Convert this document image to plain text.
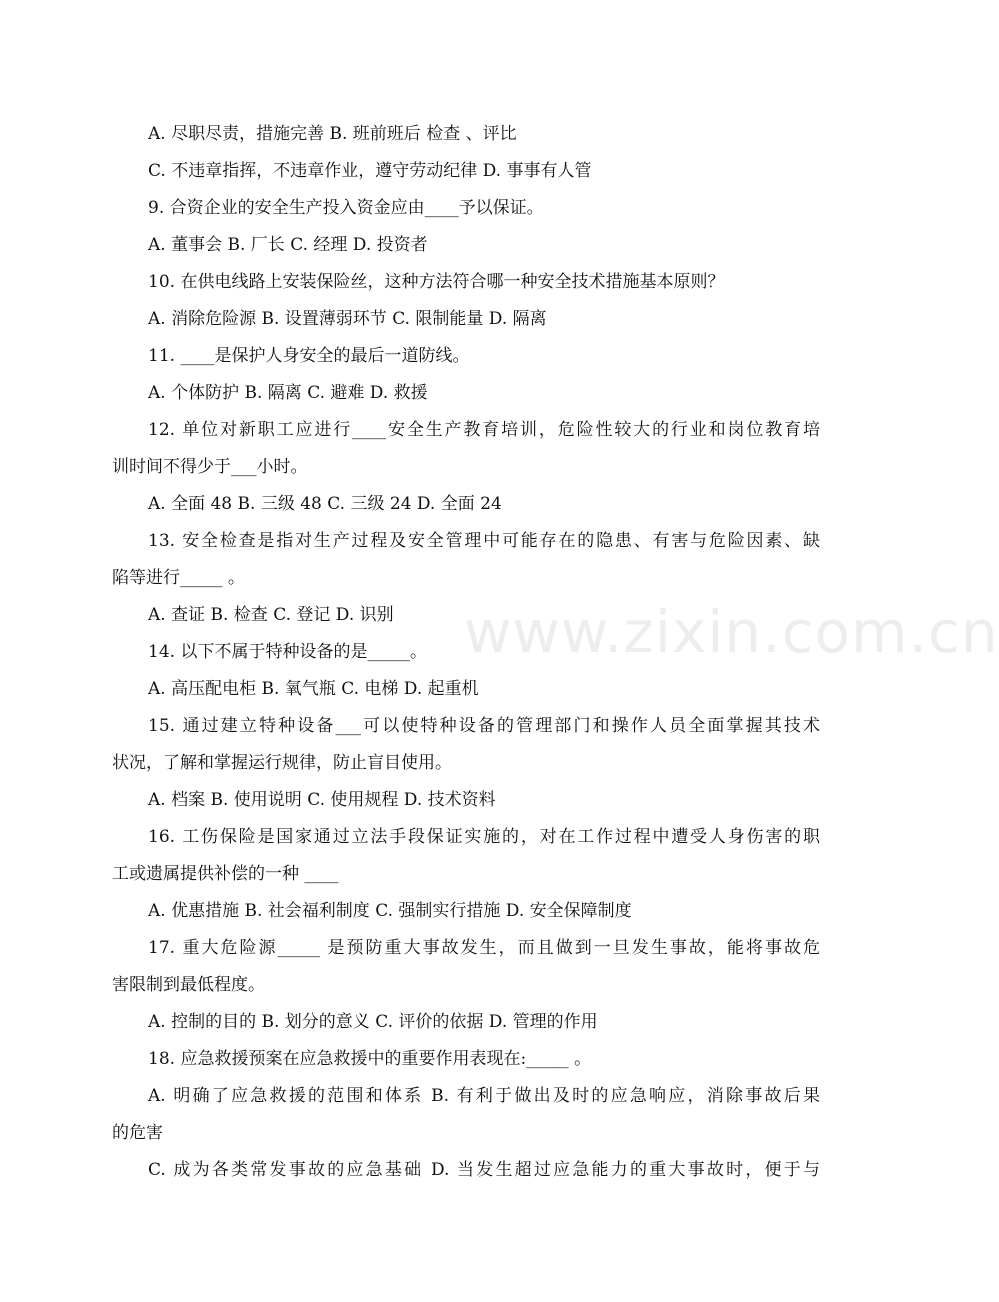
www.zixin.com.cn
A. 尽职尽责，措施完善 B. 班前班后 检查 、评比
C. 不违章指挥，不违章作业，遵守劳动纪律 D. 事事有人管
9. 合资企业的安全生产投入资金应由____予以保证。
A. 董事会 B. 厂长 C. 经理 D. 投资者
10. 在供电线路上安装保险丝，这种方法符合哪一种安全技术措施基本原则？
A. 消除危险源 B. 设置薄弱环节 C. 限制能量 D. 隔离
11. ____是保护人身安全的最后一道防线。
A. 个体防护 B. 隔离 C. 避难 D. 救援
12. 单位对新职工应进行____安全生产教育培训，危险性较大的行业和岗位教育培
训时间不得少于___小时。
A. 全面 48 B. 三级 48 C. 三级 24 D. 全面 24
13. 安全检查是指对生产过程及安全管理中可能存在的隐患、有害与危险因素、缺
陷等进行_____ 。
A. 查证 B. 检查 C. 登记 D. 识别
14. 以下不属于特种设备的是_____。
A. 高压配电柜 B. 氧气瓶 C. 电梯 D. 起重机
15. 通过建立特种设备___可以使特种设备的管理部门和操作人员全面掌握其技术
状况，了解和掌握运行规律，防止盲目使用。
A. 档案 B. 使用说明 C. 使用规程 D. 技术资料
16. 工伤保险是国家通过立法手段保证实施的，对在工作过程中遭受人身伤害的职
工或遗属提供补偿的一种 ____
A. 优惠措施 B. 社会福利制度 C. 强制实行措施 D. 安全保障制度
17. 重大危险源_____ 是预防重大事故发生，而且做到一旦发生事故，能将事故危
害限制到最低程度。
A. 控制的目的 B. 划分的意义 C. 评价的依据 D. 管理的作用
18. 应急救援预案在应急救援中的重要作用表现在:_____ 。
A. 明确了应急救援的范围和体系 B. 有利于做出及时的应急响应，消除事故后果
的危害
C. 成为各类常发事故的应急基础 D. 当发生超过应急能力的重大事故时，便于与
